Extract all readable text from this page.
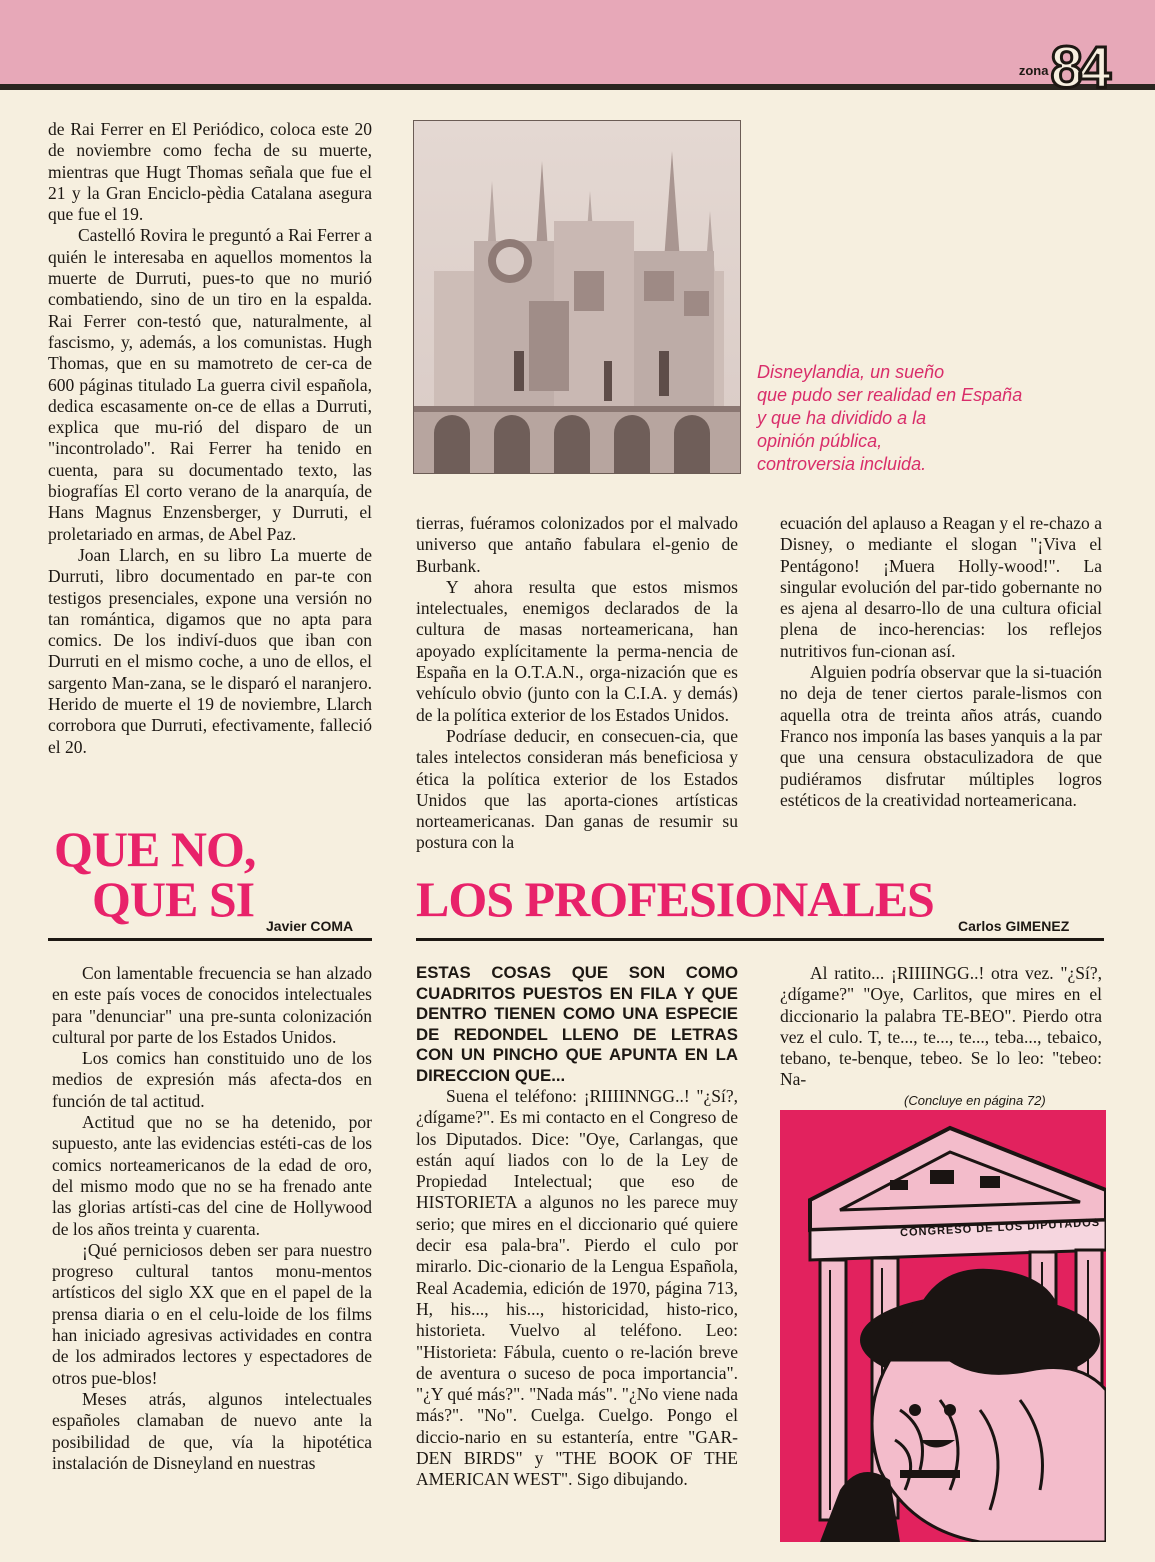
zona 84

de Rai Ferrer en El Periódico, coloca este 20 de noviembre como fecha de su muerte, mientras que Hugt Thomas señala que fue el 21 y la Gran Enciclo-pèdia Catalana asegura que fue el 19.

Castelló Rovira le preguntó a Rai Ferrer a quién le interesaba en aquellos momentos la muerte de Durruti, pues-to que no murió combatiendo, sino de un tiro en la espalda. Rai Ferrer con-testó que, naturalmente, al fascismo, y, además, a los comunistas. Hugh Thomas, que en su mamotreto de cer-ca de 600 páginas titulado La guerra civil española, dedica escasamente on-ce de ellas a Durruti, explica que mu-rió del disparo de un "incontrolado". Rai Ferrer ha tenido en cuenta, para su documentado texto, las biografías El corto verano de la anarquía, de Hans Magnus Enzensberger, y Durruti, el proletariado en armas, de Abel Paz.

Joan Llarch, en su libro La muerte de Durruti, libro documentado en par-te con testigos presenciales, expone una versión no tan romántica, digamos que no apta para comics. De los indiví-duos que iban con Durruti en el mismo coche, a uno de ellos, el sargento Man-zana, se le disparó el naranjero. Herido de muerte el 19 de noviembre, Llarch corrobora que Durruti, efectivamente, falleció el 20.

Disneylandia, un sueño

que pudo ser realidad en España

y que ha dividido a la

opinión pública,

controversia incluida.

tierras, fuéramos colonizados por el malvado universo que antaño fabulara el-genio de Burbank.

Y ahora resulta que estos mismos intelectuales, enemigos declarados de la cultura de masas norteamericana, han apoyado explícitamente la perma-nencia de España en la O.T.A.N., orga-nización que es vehículo obvio (junto con la C.I.A. y demás) de la política exterior de los Estados Unidos.

Podríase deducir, en consecuen-cia, que tales intelectos consideran más beneficiosa y ética la política exterior de los Estados Unidos que las aporta-ciones artísticas norteamericanas. Dan ganas de resumir su postura con la

ecuación del aplauso a Reagan y el re-chazo a Disney, o mediante el slogan "¡Viva el Pentágono! ¡Muera Holly-wood!". La singular evolución del par-tido gobernante no es ajena al desarro-llo de una cultura oficial plena de inco-herencias: los reflejos nutritivos fun-cionan así.

Alguien podría observar que la si-tuación no deja de tener ciertos parale-lismos con aquella otra de treinta años atrás, cuando Franco nos imponía las bases yanquis a la par que una censura obstaculizadora de que pudiéramos disfrutar múltiples logros estéticos de la creatividad norteamericana.

QUE NO,
QUE SI Javier COMA LOS PROFESIONALES Carlos GIMENEZ

Con lamentable frecuencia se han alzado en este país voces de conocidos intelectuales para "denunciar" una pre-sunta colonización cultural por parte de los Estados Unidos.

Los comics han constituido uno de los medios de expresión más afecta-dos en función de tal actitud.

Actitud que no se ha detenido, por supuesto, ante las evidencias estéti-cas de los comics norteamericanos de la edad de oro, del mismo modo que no se ha frenado ante las glorias artísti-cas del cine de Hollywood de los años treinta y cuarenta.

¡Qué perniciosos deben ser para nuestro progreso cultural tantos monu-mentos artísticos del siglo XX que en el papel de la prensa diaria o en el celu-loide de los films han iniciado agresivas actividades en contra de los admirados lectores y espectadores de otros pue-blos!

Meses atrás, algunos intelectuales españoles clamaban de nuevo ante la posibilidad de que, vía la hipotética instalación de Disneyland en nuestras

ESTAS COSAS QUE SON COMO CUADRITOS PUESTOS EN FILA Y QUE DENTRO TIENEN COMO UNA ESPECIE DE REDONDEL LLENO DE LETRAS CON UN PINCHO QUE APUNTA EN LA DIRECCION QUE...

Suena el teléfono: ¡RIIIINNGG..! "¿Sí?, ¿dígame?". Es mi contacto en el Congreso de los Diputados. Dice: "Oye, Carlangas, que están aquí liados con lo de la Ley de Propiedad Intelectual; que eso de HISTORIETA a algunos no les parece muy serio; que mires en el diccionario qué quiere decir esa pala-bra". Pierdo el culo por mirarlo. Dic-cionario de la Lengua Española, Real Academia, edición de 1970, página 713, H, his..., his..., historicidad, histo-rico, historieta. Vuelvo al teléfono. Leo: "Historieta: Fábula, cuento o re-lación breve de aventura o suceso de poca importancia". "¿Y qué más?". "Nada más". "¿No viene nada más?". "No". Cuelga. Cuelgo. Pongo el diccio-nario en su estantería, entre "GAR-DEN BIRDS" y "THE BOOK OF THE AMERICAN WEST". Sigo dibujando.

Al ratito... ¡RIIIINGG..! otra vez. "¿Sí?, ¿dígame?" "Oye, Carlitos, que mires en el diccionario la palabra TE-BEO". Pierdo otra vez el culo. T, te..., te..., te..., teba..., tebaico, tebano, te-benque, tebeo. Se lo leo: "tebeo: Na-

(Concluye en página 72)
CONGRESO DE LOS DIPUTADOS
